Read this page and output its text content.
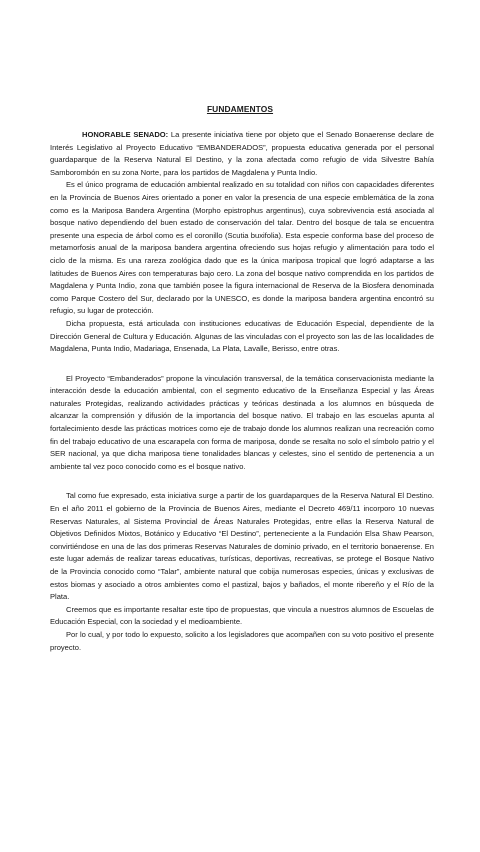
FUNDAMENTOS

HONORABLE SENADO: La presente iniciativa tiene por objeto que el Senado Bonaerense declare de Interés Legislativo al Proyecto Educativo “EMBANDERADOS”, propuesta educativa generada por el personal guardaparque de la Reserva Natural El Destino, y la zona afectada como refugio de vida Silvestre Bahía Samborombón en su zona Norte, para los partidos de Magdalena y Punta Indio.

Es el único programa de educación ambiental realizado en su totalidad con niños con capacidades diferentes en la Provincia de Buenos Aires orientado a poner en valor la presencia de una especie emblemática de la zona como es la Mariposa Bandera Argentina (Morpho epistrophus argentinus), cuya sobrevivencia está asociada al bosque nativo dependiendo del buen estado de conservación del talar. Dentro del bosque de tala se encuentra presente una especia de árbol como es el coronillo (Scutia buxifolia). Esta especie conforma base del proceso de metamorfosis anual de la mariposa bandera argentina ofreciendo sus hojas refugio y alimentación para todo el ciclo de la misma. Es una rareza zoológica dado que es la única mariposa tropical que logró adaptarse a las latitudes de Buenos Aires con temperaturas bajo cero. La zona del bosque nativo comprendida en los partidos de Magdalena y Punta Indio, zona que también posee la figura internacional de Reserva de la Biosfera denominada como Parque Costero del Sur, declarado por la UNESCO, es donde la mariposa bandera argentina encontró su refugio, su lugar de protección.

Dicha propuesta, está articulada con instituciones educativas de Educación Especial, dependiente de la Dirección General de Cultura y Educación. Algunas de las vinculadas con el proyecto son las de las localidades de Magdalena, Punta Indio, Madariaga, Ensenada, La Plata, Lavalle, Berisso, entre otras.

El Proyecto “Embanderados” propone la vinculación transversal, de la temática conservacionista mediante la interacción desde la educación ambiental, con el segmento educativo de la Enseñanza Especial y las Áreas naturales Protegidas, realizando actividades prácticas y teóricas destinada a los alumnos en búsqueda de alcanzar la comprensión y difusión de la importancia del bosque nativo. El trabajo en las escuelas apunta al fortalecimiento desde las prácticas motrices como eje de trabajo donde los alumnos realizan una recreación como fin del trabajo educativo de una escarapela con forma de mariposa, donde se resalta no solo el símbolo patrio y el SER nacional, ya que dicha mariposa tiene tonalidades blancas y celestes, sino el sentido de pertenencia a un ambiente tal vez poco conocido como es el bosque nativo.

Tal como fue expresado, esta iniciativa surge a partir de los guardaparques de la Reserva Natural El Destino. En el año 2011 el gobierno de la Provincia de Buenos Aires, mediante el Decreto 469/11 incorporo 10 nuevas Reservas Naturales, al Sistema Provincial de Áreas Naturales Protegidas, entre ellas la Reserva Natural de Objetivos Definidos Mixtos, Botánico y Educativo “El Destino”, perteneciente a la Fundación Elsa Shaw Pearson, convirtiéndose en una de las dos primeras Reservas Naturales de dominio privado, en el territorio bonaerense. En este lugar además de realizar tareas educativas, turísticas, deportivas, recreativas, se protege el Bosque Nativo de la Provincia conocido como “Talar”, ambiente natural que cobija numerosas especies, únicas y exclusivas de estos biomas y asociado a otros ambientes como el pastizal, bajos y bañados, el monte ribereño y el Río de la Plata.

Creemos que es importante resaltar este tipo de propuestas, que vincula a nuestros alumnos de Escuelas de Educación Especial, con la sociedad y el medioambiente.

Por lo cual, y por todo lo expuesto, solicito a los legisladores que acompañen con su voto positivo el presente proyecto.
